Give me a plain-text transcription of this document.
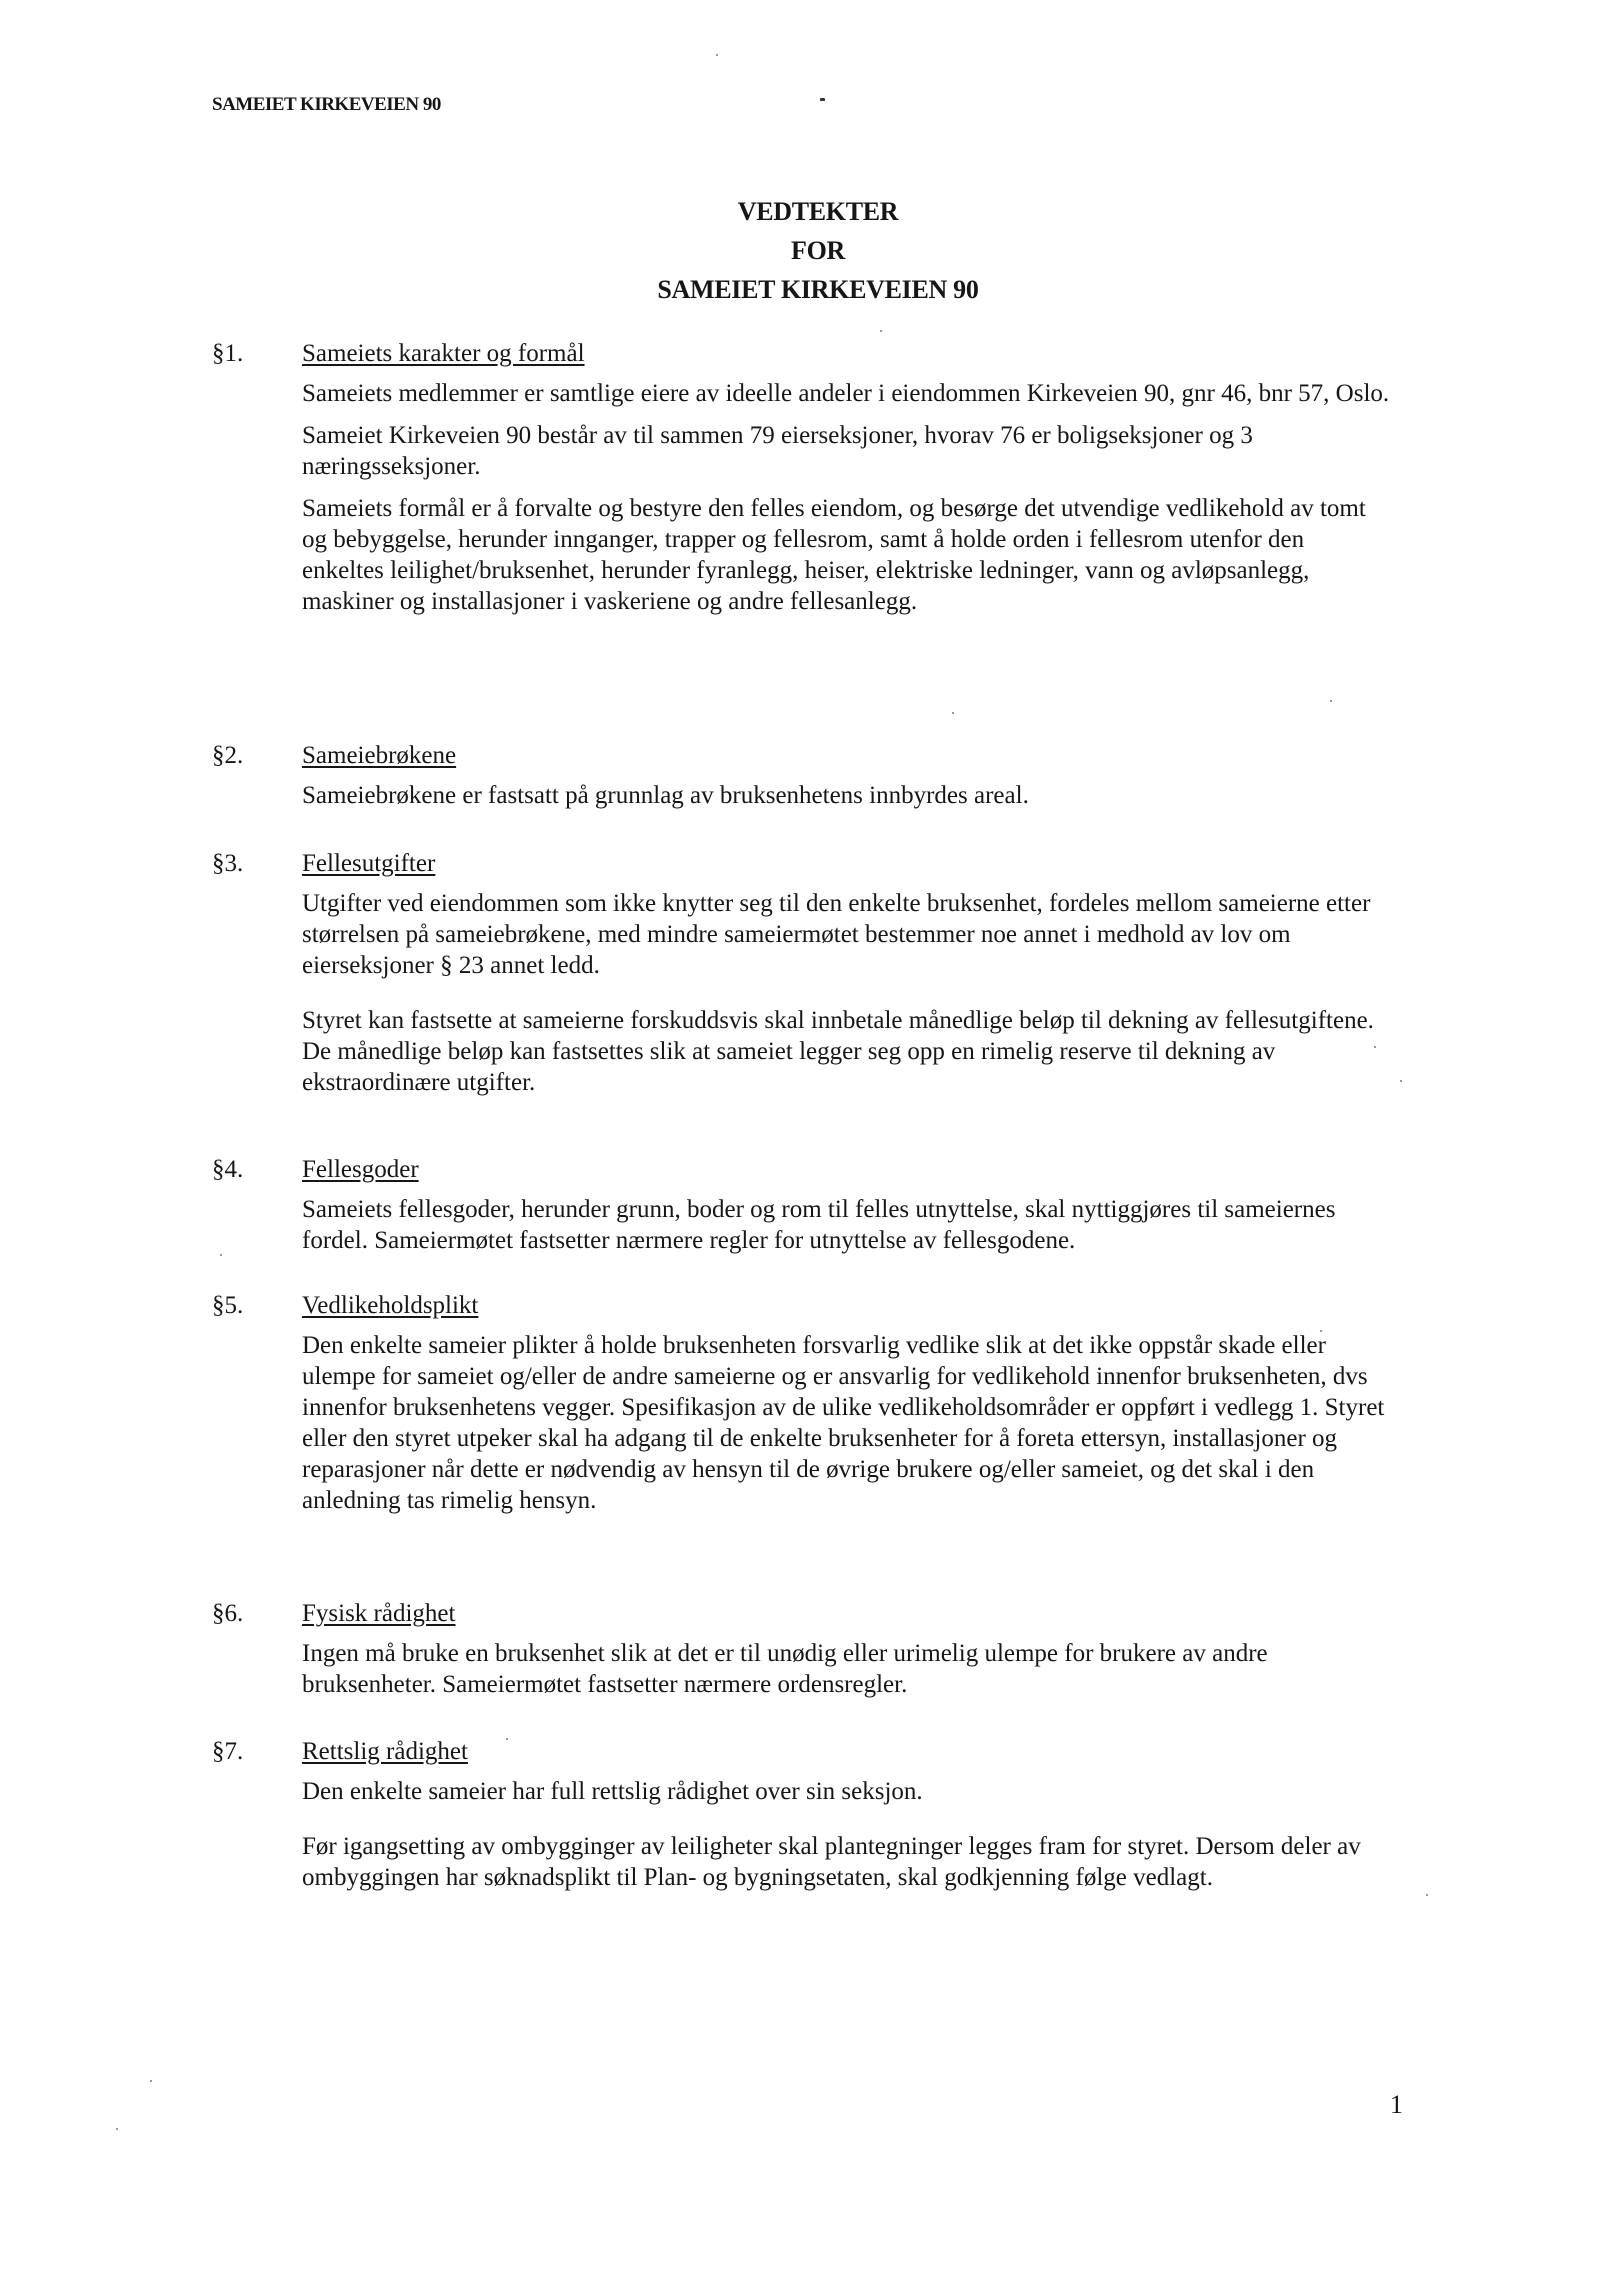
SAMEIET KIRKEVEIEN 90
VEDTEKTER
FOR
SAMEIET KIRKEVEIEN 90
§1. Sameiets karakter og formål

Sameiets medlemmer er samtlige eiere av ideelle andeler i eiendommen Kirkeveien 90, gnr 46, bnr 57, Oslo.

Sameiet Kirkeveien 90 består av til sammen 79 eierseksjoner, hvorav 76 er boligseksjoner og 3 næringsseksjoner.

Sameiets formål er å forvalte og bestyre den felles eiendom, og besørge det utvendige vedlikehold av tomt og bebyggelse, herunder innganger, trapper og fellesrom, samt å holde orden i fellesrom utenfor den enkeltes leilighet/bruksenhet, herunder fyranlegg, heiser, elektriske ledninger, vann og avløpsanlegg, maskiner og installasjoner i vaskeriene og andre fellesanlegg.

§2. Sameiebrøkene

Sameiebrøkene er fastsatt på grunnlag av bruksenhetens innbyrdes areal.

§3. Fellesutgifter

Utgifter ved eiendommen som ikke knytter seg til den enkelte bruksenhet, fordeles mellom sameierne etter størrelsen på sameiebrøkene, med mindre sameiermøtet bestemmer noe annet i medhold av lov om eierseksjoner § 23 annet ledd.

Styret kan fastsette at sameierne forskuddsvis skal innbetale månedlige beløp til dekning av fellesutgiftene. De månedlige beløp kan fastsettes slik at sameiet legger seg opp en rimelig reserve til dekning av ekstraordinære utgifter.

§4. Fellesgoder

Sameiets fellesgoder, herunder grunn, boder og rom til felles utnyttelse, skal nyttiggjøres til sameiernes fordel. Sameiermøtet fastsetter nærmere regler for utnyttelse av fellesgodene.

§5. Vedlikeholdsplikt

Den enkelte sameier plikter å holde bruksenheten forsvarlig vedlike slik at det ikke oppstår skade eller ulempe for sameiet og/eller de andre sameierne og er ansvarlig for vedlikehold innenfor bruksenheten, dvs innenfor bruksenhetens vegger. Spesifikasjon av de ulike vedlikeholdsområder er oppført i vedlegg 1. Styret eller den styret utpeker skal ha adgang til de enkelte bruksenheter for å foreta ettersyn, installasjoner og reparasjoner når dette er nødvendig av hensyn til de øvrige brukere og/eller sameiet, og det skal i den anledning tas rimelig hensyn.

§6. Fysisk rådighet

Ingen må bruke en bruksenhet slik at det er til unødig eller urimelig ulempe for brukere av andre bruksenheter. Sameiermøtet fastsetter nærmere ordensregler.

§7. Rettslig rådighet

Den enkelte sameier har full rettslig rådighet over sin seksjon.

Før igangsetting av ombygginger av leiligheter skal plantegninger legges fram for styret. Dersom deler av ombyggingen har søknadsplikt til Plan- og bygningsetaten, skal godkjenning følge vedlagt.

1
